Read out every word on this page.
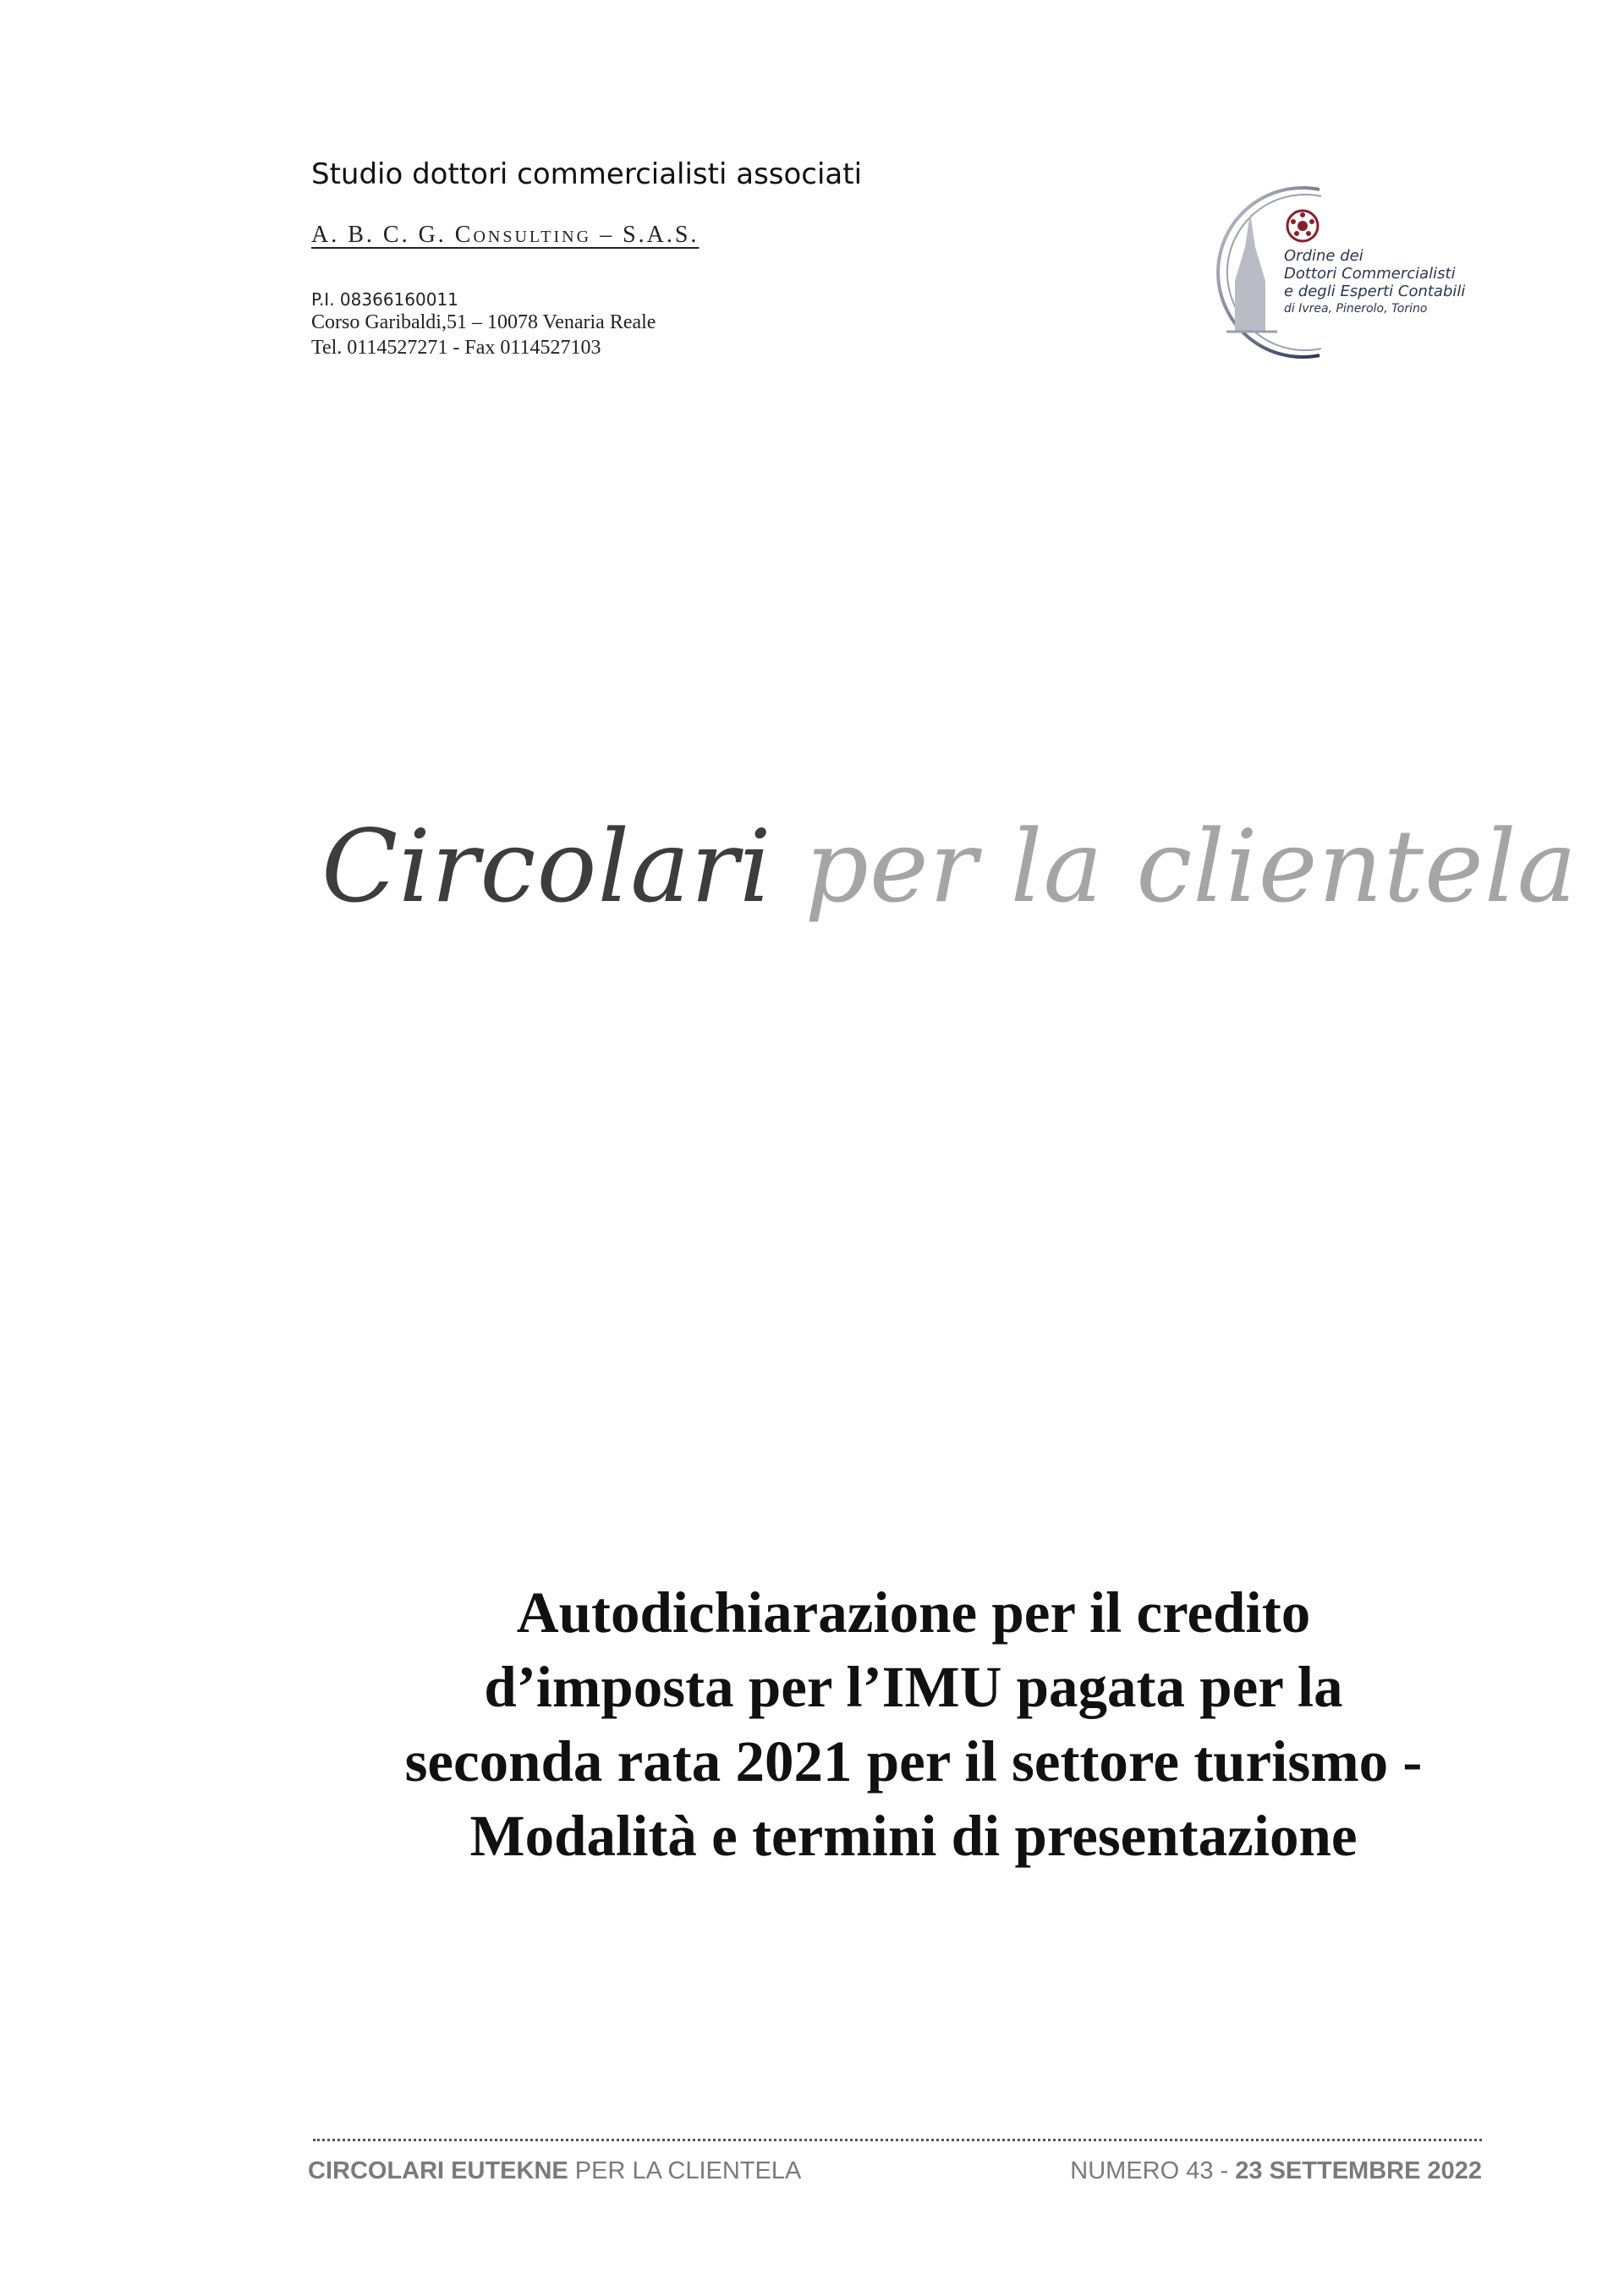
Studio dottori commercialisti associati
A. B. C. G. Consulting – S.A.S.
P.I. 08366160011
Corso Garibaldi,51 – 10078 Venaria Reale
Tel. 0114527271 - Fax 0114527103
Ordine dei
Dottori Commercialisti
e degli Esperti Contabili
di Ivrea, Pinerolo, Torino
Circolari per la clientela
Autodichiarazione per il credito
d’imposta per l’IMU pagata per la
seconda rata 2021 per il settore turismo -
Modalità e termini di presentazione
CIRCOLARI EUTEKNE PER LA CLIENTELA	NUMERO 43 - 23 SETTEMBRE 2022
